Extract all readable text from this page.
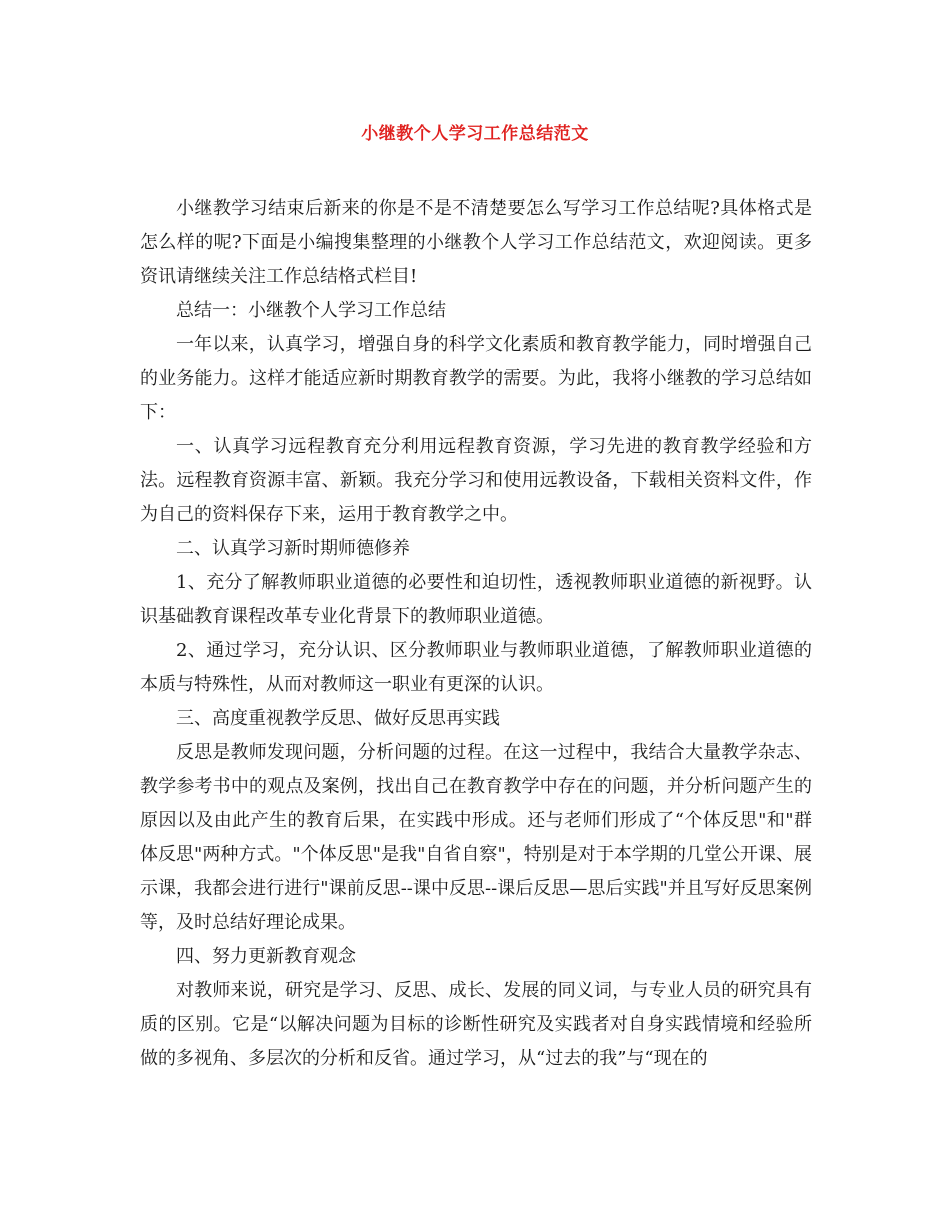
小继教个人学习工作总结范文

小继教学习结束后新来的你是不是不清楚要怎么写学习工作总结呢?具体格式是怎么样的呢?下面是小编搜集整理的小继教个人学习工作总结范文，欢迎阅读。更多资讯请继续关注工作总结格式栏目!

总结一：小继教个人学习工作总结

一年以来，认真学习，增强自身的科学文化素质和教育教学能力，同时增强自己的业务能力。这样才能适应新时期教育教学的需要。为此，我将小继教的学习总结如下：

一、认真学习远程教育充分利用远程教育资源，学习先进的教育教学经验和方法。远程教育资源丰富、新颖。我充分学习和使用远教设备，下载相关资料文件，作为自己的资料保存下来，运用于教育教学之中。

二、认真学习新时期师德修养

1、充分了解教师职业道德的必要性和迫切性，透视教师职业道德的新视野。认识基础教育课程改革专业化背景下的教师职业道德。

2、通过学习，充分认识、区分教师职业与教师职业道德，了解教师职业道德的本质与特殊性，从而对教师这一职业有更深的认识。

三、高度重视教学反思、做好反思再实践

反思是教师发现问题，分析问题的过程。在这一过程中，我结合大量教学杂志、教学参考书中的观点及案例，找出自己在教育教学中存在的问题，并分析问题产生的原因以及由此产生的教育后果，在实践中形成。还与老师们形成了“个体反思"和"群体反思"两种方式。"个体反思"是我"自省自察"，特别是对于本学期的几堂公开课、展示课，我都会进行进行"课前反思--课中反思--课后反思—思后实践"并且写好反思案例等，及时总结好理论成果。

四、努力更新教育观念

对教师来说，研究是学习、反思、成长、发展的同义词，与专业人员的研究具有质的区别。它是“以解决问题为目标的诊断性研究及实践者对自身实践情境和经验所做的多视角、多层次的分析和反省。通过学习，从“过去的我”与“现在的
